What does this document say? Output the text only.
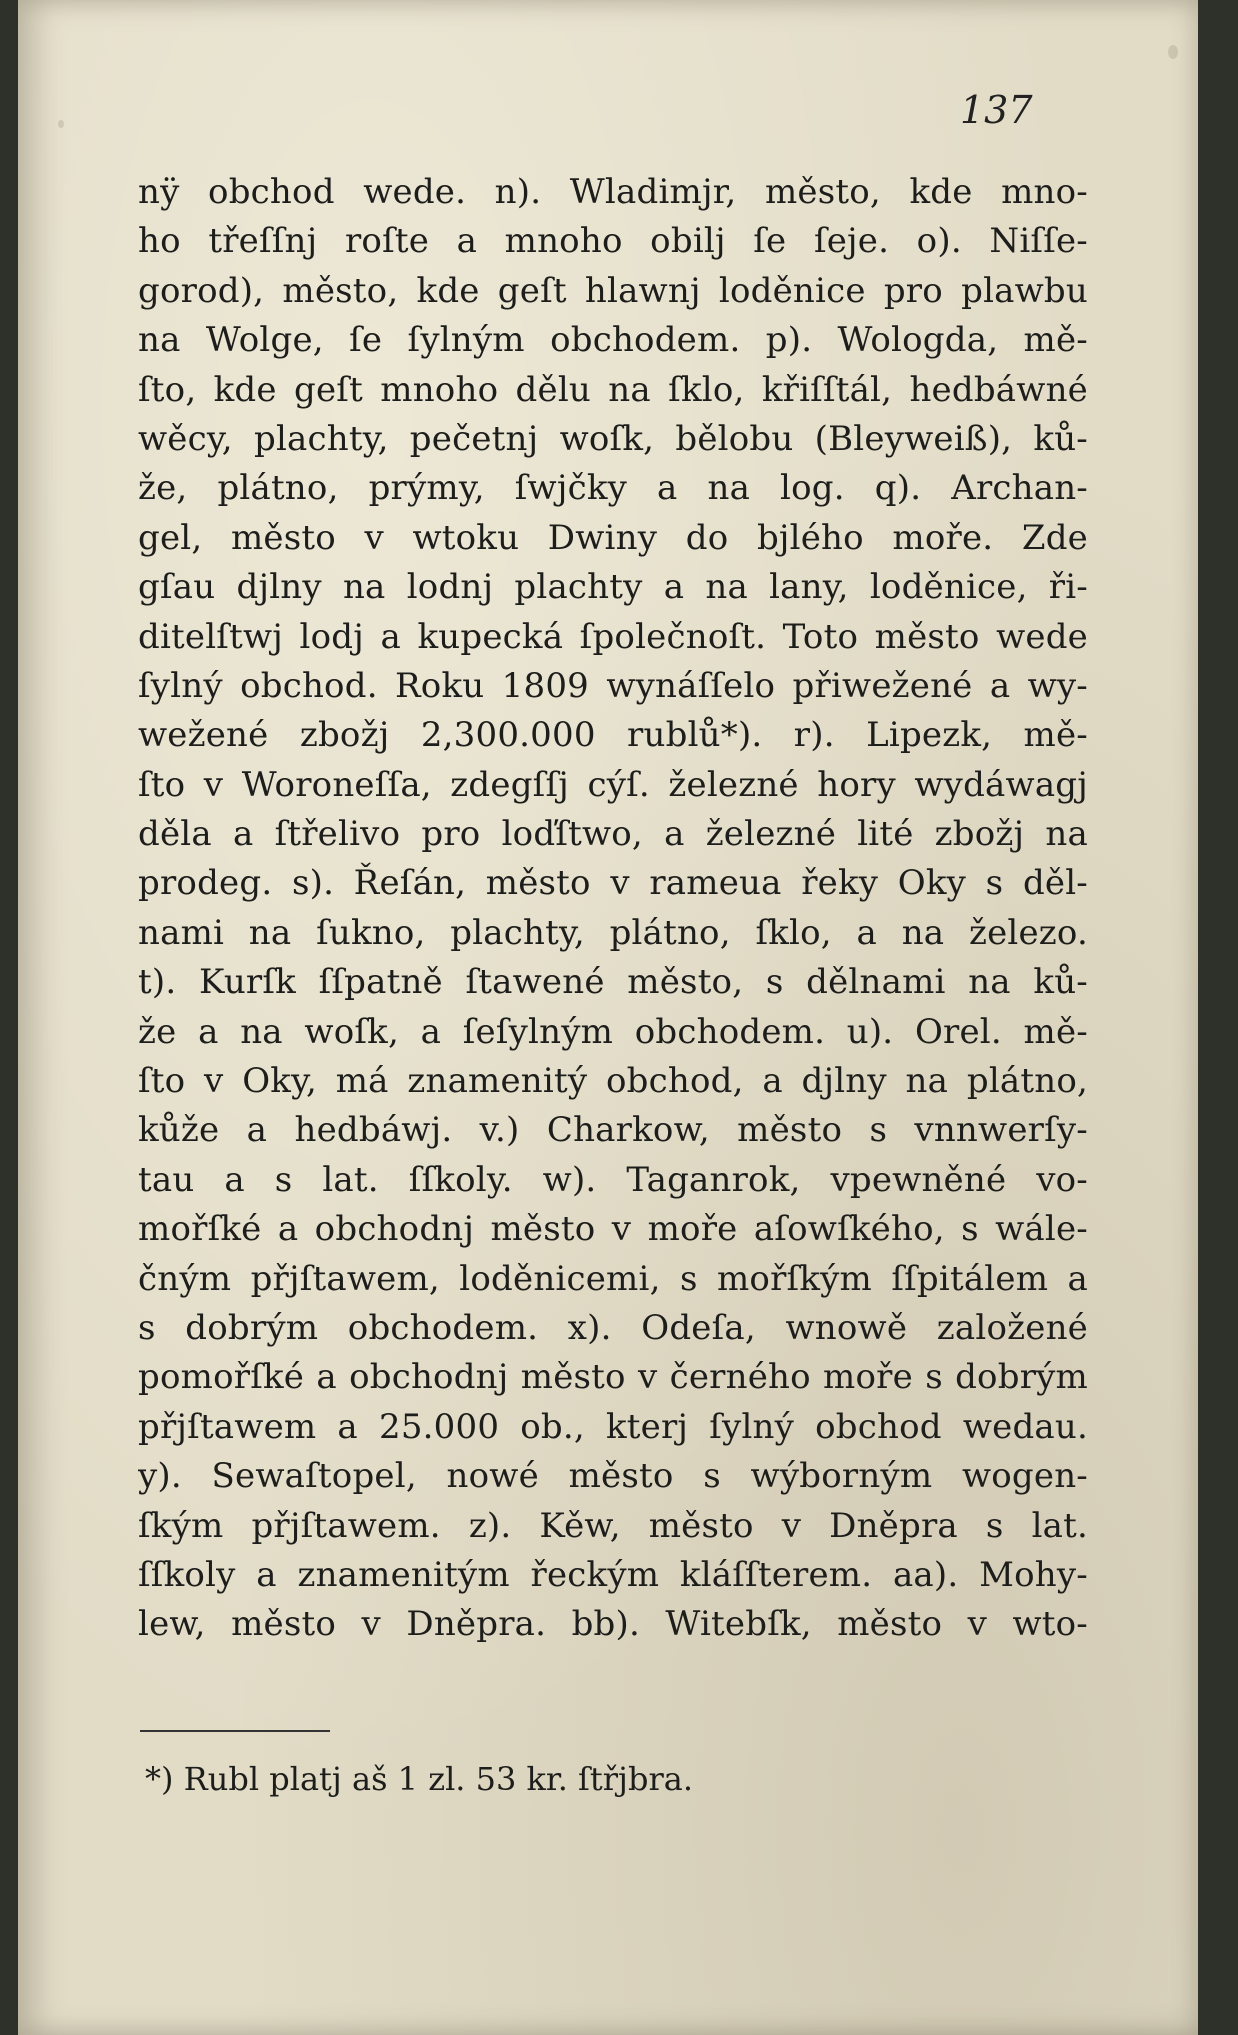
137
nÿ obchod wede. n). Wladimjr, město, kde mno-
ho třeſſnj roſte a mnoho obilj ſe ſeje. o). Niſſe-
gorod), město, kde geſt hlawnj loděnice pro plawbu
na Wolge, ſe ſylným obchodem. p). Wologda, mě-
ſto, kde geſt mnoho dělu na ſklo, křiſſtál, hedbáwné
wěcy, plachty, pečetnj woſk, bělobu (Bleyweiß), ků-
že, plátno, prýmy, ſwjčky a na log. q). Archan-
gel, město v wtoku Dwiny do bjlého moře. Zde
gſau djlny na lodnj plachty a na lany, loděnice, ři-
ditelſtwj lodj a kupecká ſpolečnoſt. Toto město wede
ſylný obchod. Roku 1809 wynáſſelo přiwežené a wy-
wežené zbožj 2,300.000 rublů*). r). Lipezk, mě-
ſto v Woroneſſa, zdegſſj cýſ. železné hory wydáwagj
děla a ſtřelivo pro loďſtwo, a železné lité zbožj na
prodeg. s). Řeſán, město v rameua řeky Oky s děl-
nami na ſukno, plachty, plátno, ſklo, a na železo.
t). Kurſk ſſpatně ſtawené město, s dělnami na ků-
že a na woſk, a ſeſylným obchodem. u). Orel. mě-
ſto v Oky, má znamenitý obchod, a djlny na plátno,
kůže a hedbáwj. v.) Charkow, město s vnnwerſy-
tau a s lat. ſſkoly. w). Taganrok, vpewněné vo-
mořſké a obchodnj město v moře aſowſkého, s wále-
čným přjſtawem, loděnicemi, s mořſkým ſſpitálem a
s dobrým obchodem. x). Odeſa, wnowě založené
pomořſké a obchodnj město v černého moře s dobrým
přjſtawem a 25.000 ob., kterj ſylný obchod wedau.
y). Sewaſtopel, nowé město s wýborným wogen-
ſkým přjſtawem. z). Kěw, město v Dněpra s lat.
ſſkoly a znamenitým řeckým kláſſterem. aa). Mohy-
lew, město v Dněpra. bb). Witebſk, město v wto-
*) Rubl platj aš 1 zl. 53 kr. ſtřjbra.
